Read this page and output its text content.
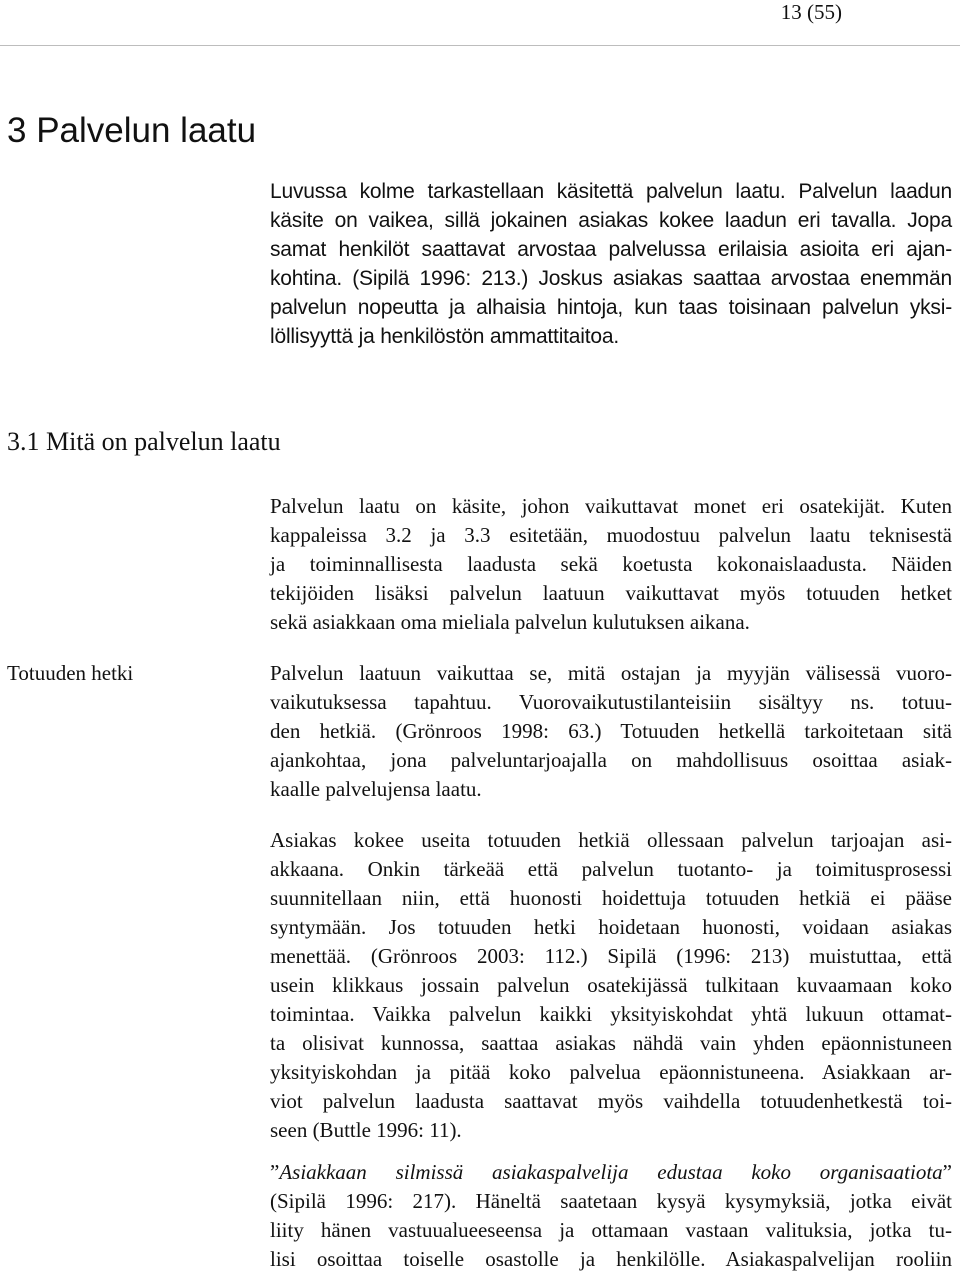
13 (55)
3 Palvelun laatu

Luvussa kolme tarkastellaan käsitettä palvelun laatu. Palvelun laadun
käsite on vaikea, sillä jokainen asiakas kokee laadun eri tavalla. Jopa
samat henkilöt saattavat arvostaa palvelussa erilaisia asioita eri ajan-
kohtina. (Sipilä 1996: 213.) Joskus asiakas saattaa arvostaa enemmän
palvelun nopeutta ja alhaisia hintoja, kun taas toisinaan palvelun yksi-
löllisyyttä ja henkilöstön ammattitaitoa.

3.1 Mitä on palvelun laatu
Totuuden hetki

Palvelun laatu on käsite, johon vaikuttavat monet eri osatekijät. Kuten
kappaleissa 3.2 ja 3.3 esitetään, muodostuu palvelun laatu teknisestä
ja toiminnallisesta laadusta sekä koetusta kokonaislaadusta. Näiden
tekijöiden lisäksi palvelun laatuun vaikuttavat myös totuuden hetket
sekä asiakkaan oma mieliala palvelun kulutuksen aikana.

Palvelun laatuun vaikuttaa se, mitä ostajan ja myyjän välisessä vuoro-
vaikutuksessa tapahtuu. Vuorovaikutustilanteisiin sisältyy ns. totuu-
den hetkiä. (Grönroos 1998: 63.) Totuuden hetkellä tarkoitetaan sitä
ajankohtaa, jona palveluntarjoajalla on mahdollisuus osoittaa asiak-
kaalle palvelujensa laatu.

Asiakas kokee useita totuuden hetkiä ollessaan palvelun tarjoajan asi-
akkaana. Onkin tärkeää että palvelun tuotanto- ja toimitusprosessi
suunnitellaan niin, että huonosti hoidettuja totuuden hetkiä ei pääse
syntymään. Jos totuuden hetki hoidetaan huonosti, voidaan asiakas
menettää. (Grönroos 2003: 112.) Sipilä (1996: 213) muistuttaa, että
usein klikkaus jossain palvelun osatekijässä tulkitaan kuvaamaan koko
toimintaa. Vaikka palvelun kaikki yksityiskohdat yhtä lukuun ottamat-
ta olisivat kunnossa, saattaa asiakas nähdä vain yhden epäonnistuneen
yksityiskohdan ja pitää koko palvelua epäonnistuneena. Asiakkaan ar-
viot palvelun laadusta saattavat myös vaihdella totuudenhetkestä toi-
seen (Buttle 1996: 11).

”Asiakkaan silmissä asiakaspalvelija edustaa koko organisaatiota”
(Sipilä 1996: 217). Häneltä saatetaan kysyä kysymyksiä, jotka eivät
liity hänen vastuualueeseensa ja ottamaan vastaan valituksia, jotka tu-
lisi osoittaa toiselle osastolle ja henkilölle. Asiakaspalvelijan rooliin
